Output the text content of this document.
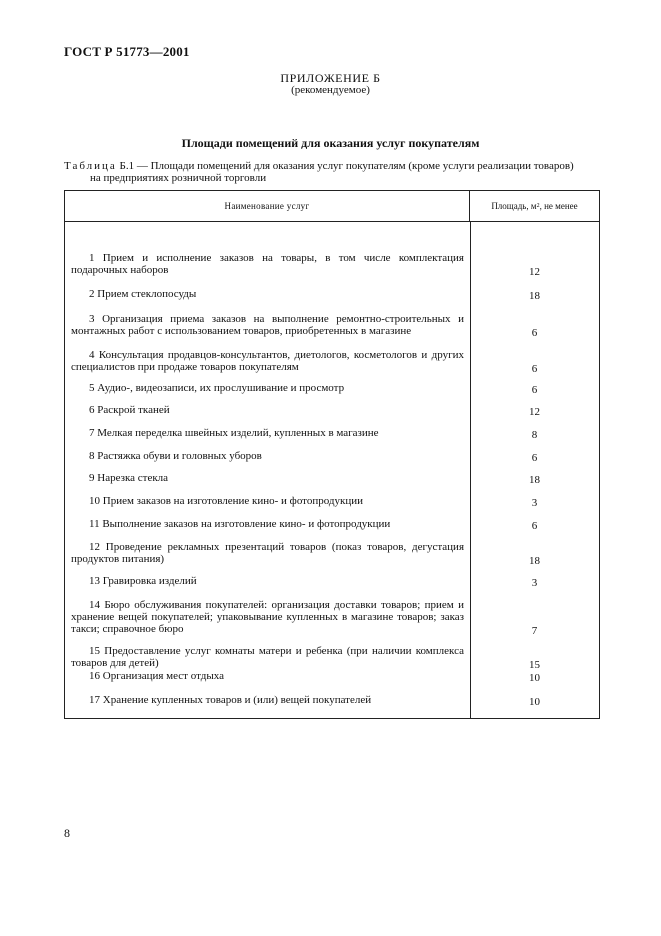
ГОСТ Р 51773—2001
ПРИЛОЖЕНИЕ Б
(рекомендуемое)
Площади помещений для оказания услуг покупателям
Таблица Б.1 — Площади помещений для оказания услуг покупателям (кроме услуги реализации товаров)
на предприятиях розничной торговли
Наименование услуг	Площадь, м 2 , не менее
1 Прием и исполнение заказов на товары, в том числе комплектация подарочных наборов	12
2 Прием стеклопосуды	18
3 Организация приема заказов на выполнение ремонтно-строительных и монтажных работ с использованием товаров, приобретенных в магазине	6
4 Консультация продавцов-консультантов, диетологов, косметологов и других специалистов при продаже товаров покупателям	6
5 Аудио-, видеозаписи, их прослушивание и просмотр	6
6 Раскрой тканей	12
7 Мелкая переделка швейных изделий, купленных в магазине	8
8 Растяжка обуви и головных уборов	6
9 Нарезка стекла	18
10 Прием заказов на изготовление кино- и фотопродукции	3
11 Выполнение заказов на изготовление кино- и фотопродукции	6
12 Проведение рекламных презентаций товаров (показ товаров, дегустация продуктов питания)	18
13 Гравировка изделий	3
14 Бюро обслуживания покупателей: организация доставки товаров; прием и хранение вещей покупателей; упаковывание купленных в магазине товаров; заказ такси; справочное бюро	7
15 Предоставление услуг комнаты матери и ребенка (при наличии комплекса товаров для детей)	15
16 Организация мест отдыха	10
17 Хранение купленных товаров и (или) вещей покупателей	10
8
